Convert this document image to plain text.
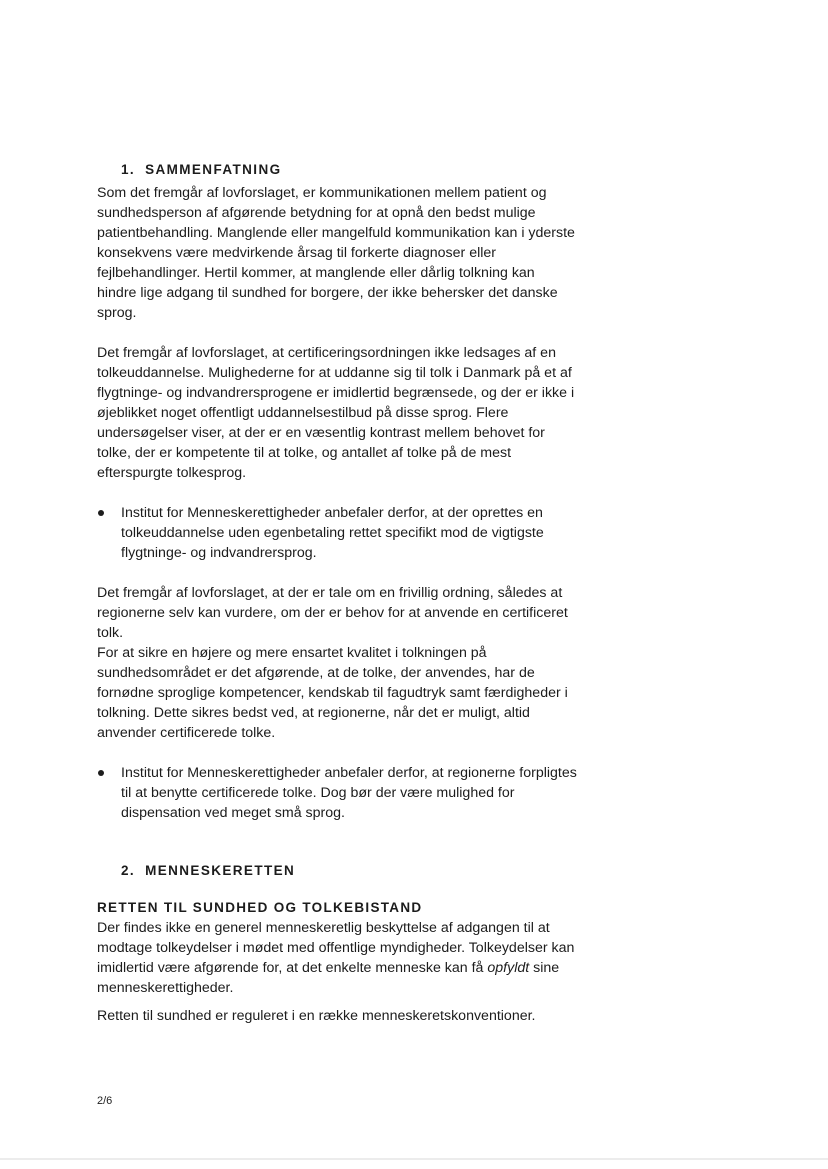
1. SAMMENFATNING

Som det fremgår af lovforslaget, er kommunikationen mellem patient og sundhedsperson af afgørende betydning for at opnå den bedst mulige patientbehandling. Manglende eller mangelfuld kommunikation kan i yderste konsekvens være medvirkende årsag til forkerte diagnoser eller fejlbehandlinger. Hertil kommer, at manglende eller dårlig tolkning kan hindre lige adgang til sundhed for borgere, der ikke behersker det danske sprog.

Det fremgår af lovforslaget, at certificeringsordningen ikke ledsages af en tolkeuddannelse. Mulighederne for at uddanne sig til tolk i Danmark på et af flygtninge- og indvandrersprogene er imidlertid begrænsede, og der er ikke i øjeblikket noget offentligt uddannelsestilbud på disse sprog. Flere undersøgelser viser, at der er en væsentlig kontrast mellem behovet for tolke, der er kompetente til at tolke, og antallet af tolke på de mest efterspurgte tolkesprog.

Institut for Menneskerettigheder anbefaler derfor, at der oprettes en tolkeuddannelse uden egenbetaling rettet specifikt mod de vigtigste flygtninge- og indvandrersprog.

Det fremgår af lovforslaget, at der er tale om en frivillig ordning, således at regionerne selv kan vurdere, om der er behov for at anvende en certificeret tolk.

For at sikre en højere og mere ensartet kvalitet i tolkningen på sundhedsområdet er det afgørende, at de tolke, der anvendes, har de fornødne sproglige kompetencer, kendskab til fagudtryk samt færdigheder i tolkning. Dette sikres bedst ved, at regionerne, når det er muligt, altid anvender certificerede tolke.

Institut for Menneskerettigheder anbefaler derfor, at regionerne forpligtes til at benytte certificerede tolke. Dog bør der være mulighed for dispensation ved meget små sprog.
2. MENNESKERETTEN
RETTEN TIL SUNDHED OG TOLKEBISTAND

Der findes ikke en generel menneskeretlig beskyttelse af adgangen til at modtage tolkeydelser i mødet med offentlige myndigheder. Tolkeydelser kan imidlertid være afgørende for, at det enkelte menneske kan få opfyldt sine menneskerettigheder.

Retten til sundhed er reguleret i en række menneskeretskonventioner.

2/6
